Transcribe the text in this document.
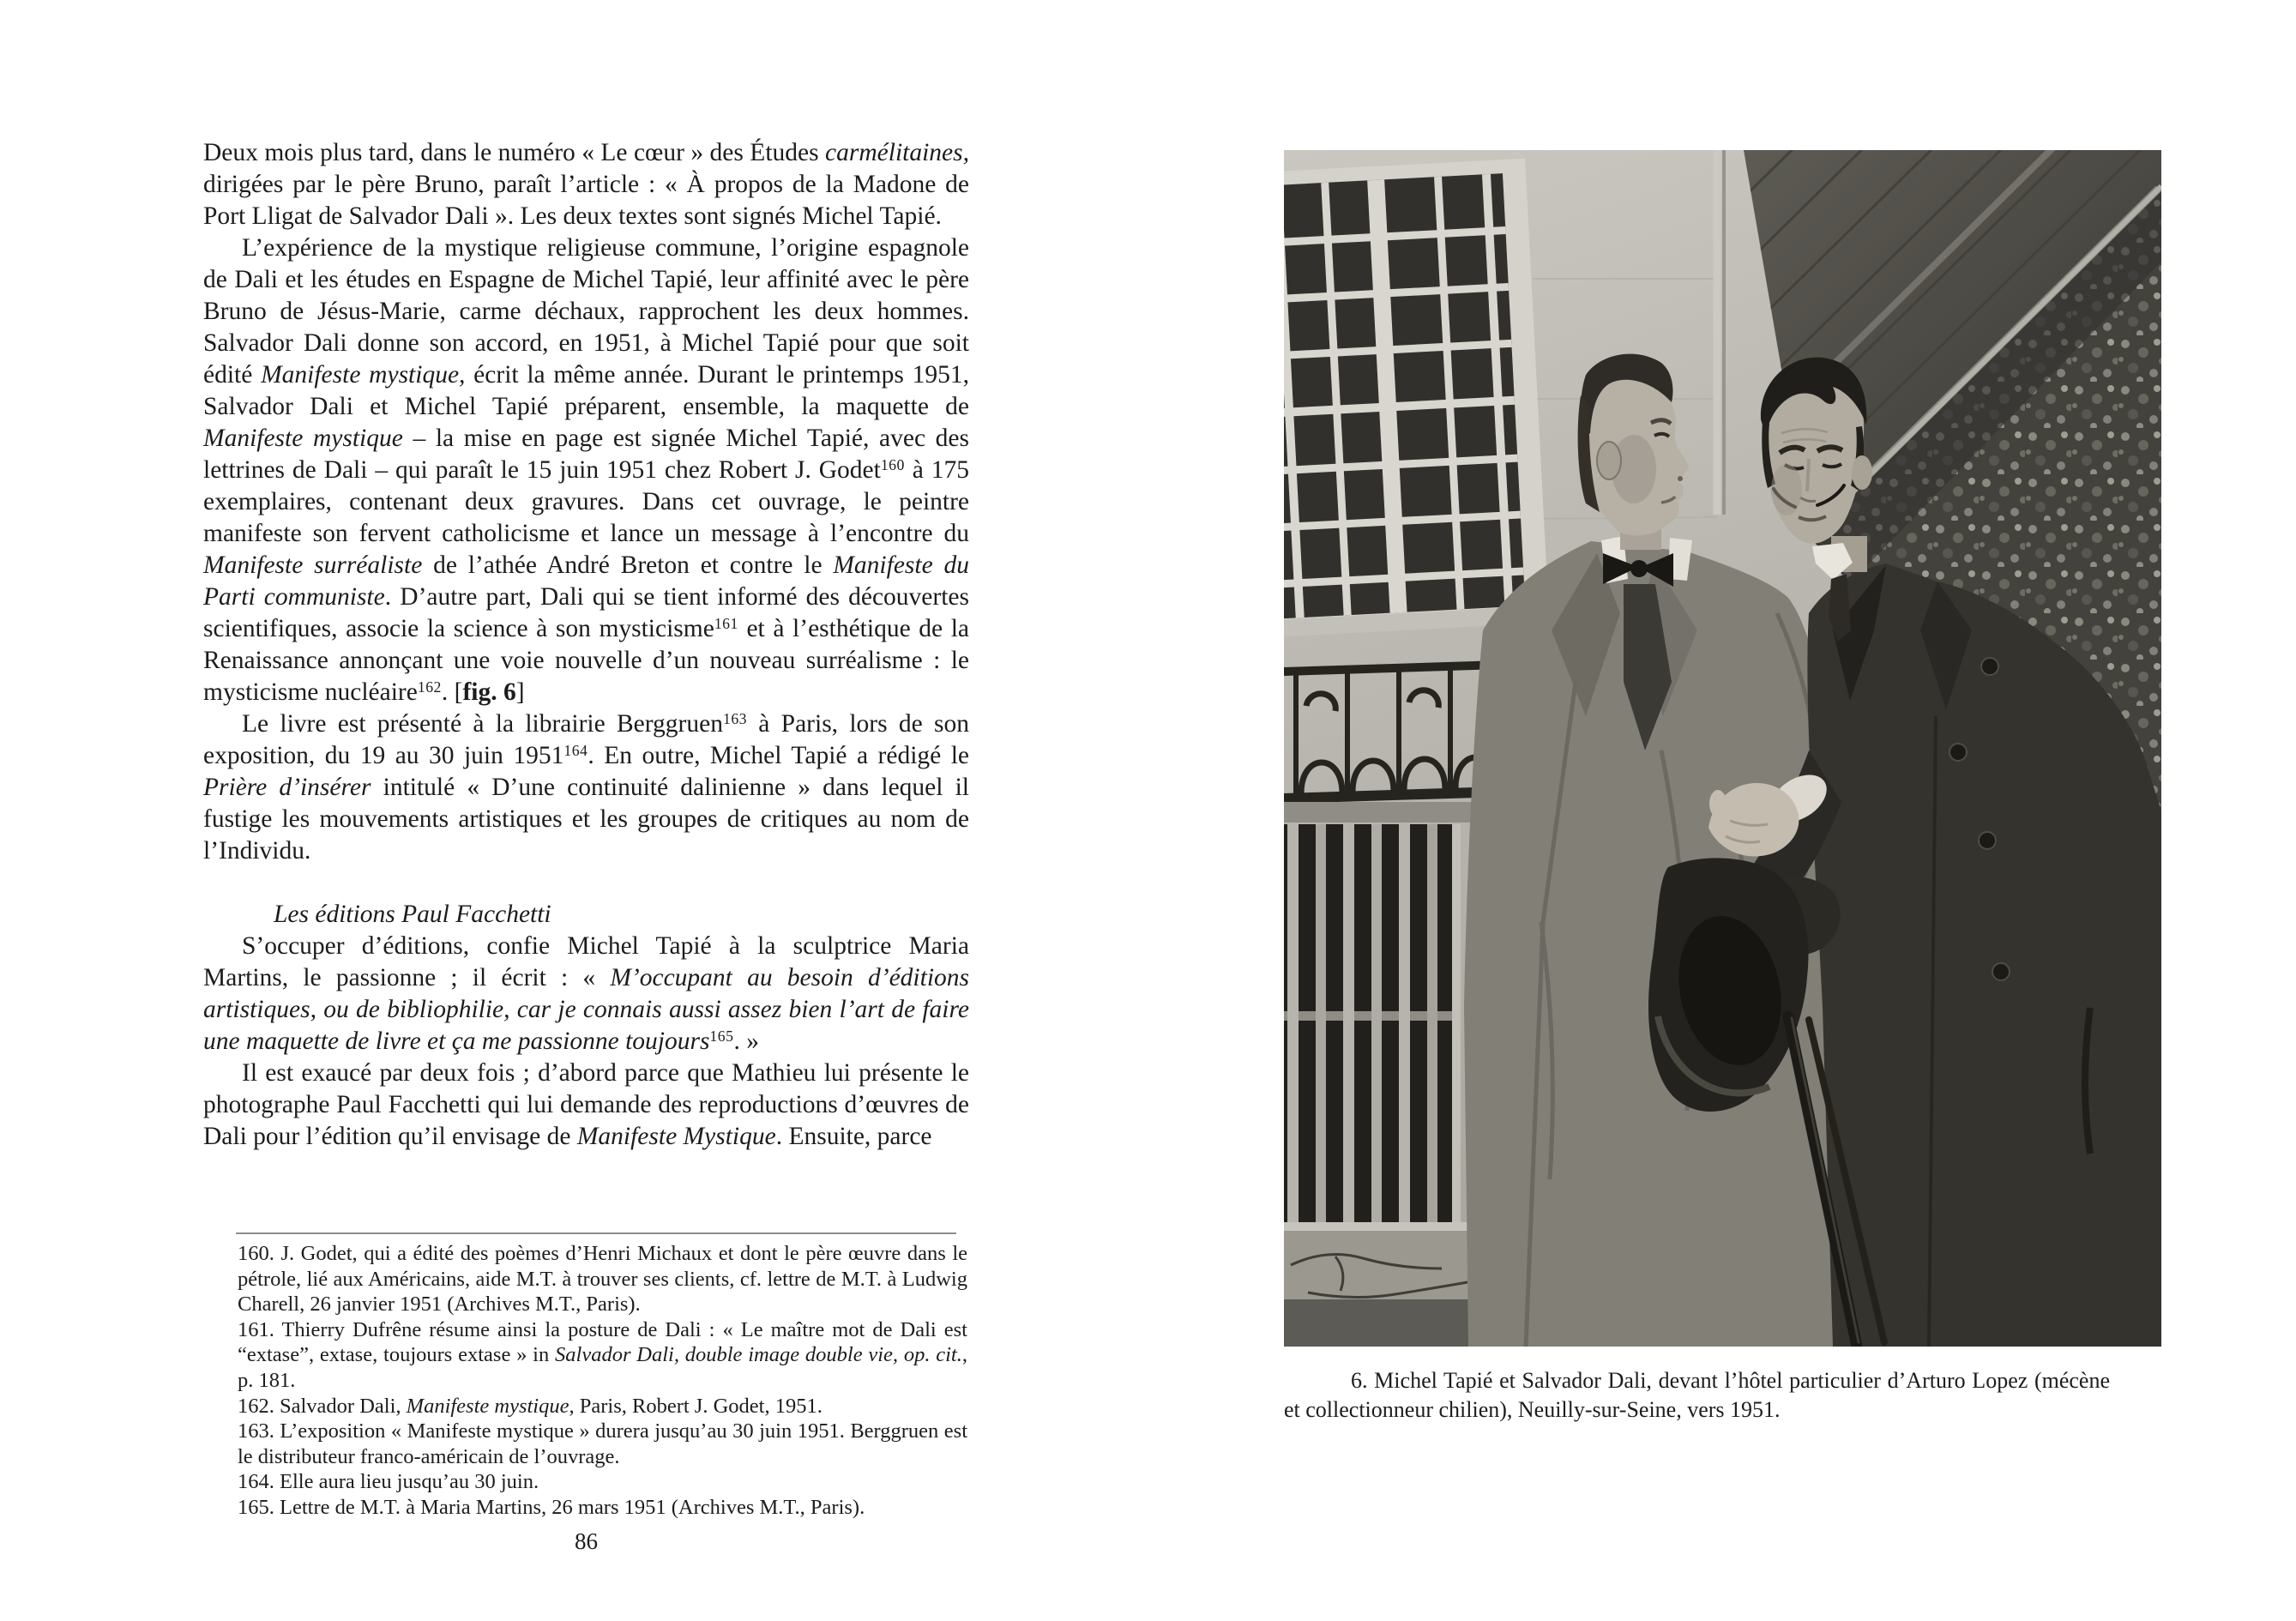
Deux mois plus tard, dans le numéro « Le cœur » des Études carmélitaines, dirigées par le père Bruno, paraît l’article : « À propos de la Madone de Port Lligat de Salvador Dali ». Les deux textes sont signés Michel Tapié.

L’expérience de la mystique religieuse commune, l’origine espagnole de Dali et les études en Espagne de Michel Tapié, leur affinité avec le père Bruno de Jésus-Marie, carme déchaux, rapprochent les deux hommes. Salvador Dali donne son accord, en 1951, à Michel Tapié pour que soit édité Manifeste mystique, écrit la même année. Durant le printemps 1951, Salvador Dali et Michel Tapié préparent, ensemble, la maquette de Manifeste mystique – la mise en page est signée Michel Tapié, avec des lettrines de Dali – qui paraît le 15 juin 1951 chez Robert J. Godet$^{160}$ à 175 exemplaires, contenant deux gravures. Dans cet ouvrage, le peintre manifeste son fervent catholicisme et lance un message à l’encontre du Manifeste surréaliste de l’athée André Breton et contre le Manifeste du Parti communiste. D’autre part, Dali qui se tient informé des découvertes scientifiques, associe la science à son mysticisme$^{161}$ et à l’esthétique de la Renaissance annonçant une voie nouvelle d’un nouveau surréalisme : le mysticisme nucléaire$^{162}$. [fig. 6]

Le livre est présenté à la librairie Berggruen$^{163}$ à Paris, lors de son exposition, du 19 au 30 juin 1951$^{164}$. En outre, Michel Tapié a rédigé le Prière d’insérer intitulé « D’une continuité dalinienne » dans lequel il fustige les mouvements artistiques et les groupes de critiques au nom de l’Individu.

Les éditions Paul Facchetti

S’occuper d’éditions, confie Michel Tapié à la sculptrice Maria Martins, le passionne ; il écrit : « M’occupant au besoin d’éditions artistiques, ou de bibliophilie, car je connais aussi assez bien l’art de faire une maquette de livre et ça me passionne toujours$^{165}$. »

Il est exaucé par deux fois ; d’abord parce que Mathieu lui présente le photographe Paul Facchetti qui lui demande des reproductions d’œuvres de Dali pour l’édition qu’il envisage de Manifeste Mystique. Ensuite, parce

160. J. Godet, qui a édité des poèmes d’Henri Michaux et dont le père œuvre dans le pétrole, lié aux Américains, aide M.T. à trouver ses clients, cf. lettre de M.T. à Ludwig Charell, 26 janvier 1951 (Archives M.T., Paris).

161. Thierry Dufrêne résume ainsi la posture de Dali : « Le maître mot de Dali est “extase”, extase, toujours extase » in Salvador Dali, double image double vie, op. cit., p. 181.

162. Salvador Dali, Manifeste mystique, Paris, Robert J. Godet, 1951.

163. L’exposition « Manifeste mystique » durera jusqu’au 30 juin 1951. Berggruen est le distributeur franco-américain de l’ouvrage.

164. Elle aura lieu jusqu’au 30 juin.

165. Lettre de M.T. à Maria Martins, 26 mars 1951 (Archives M.T., Paris).

86
6. Michel Tapié et Salvador Dali, devant l’hôtel particulier d’Arturo Lopez (mécène et collectionneur chilien), Neuilly-sur-Seine, vers 1951.
